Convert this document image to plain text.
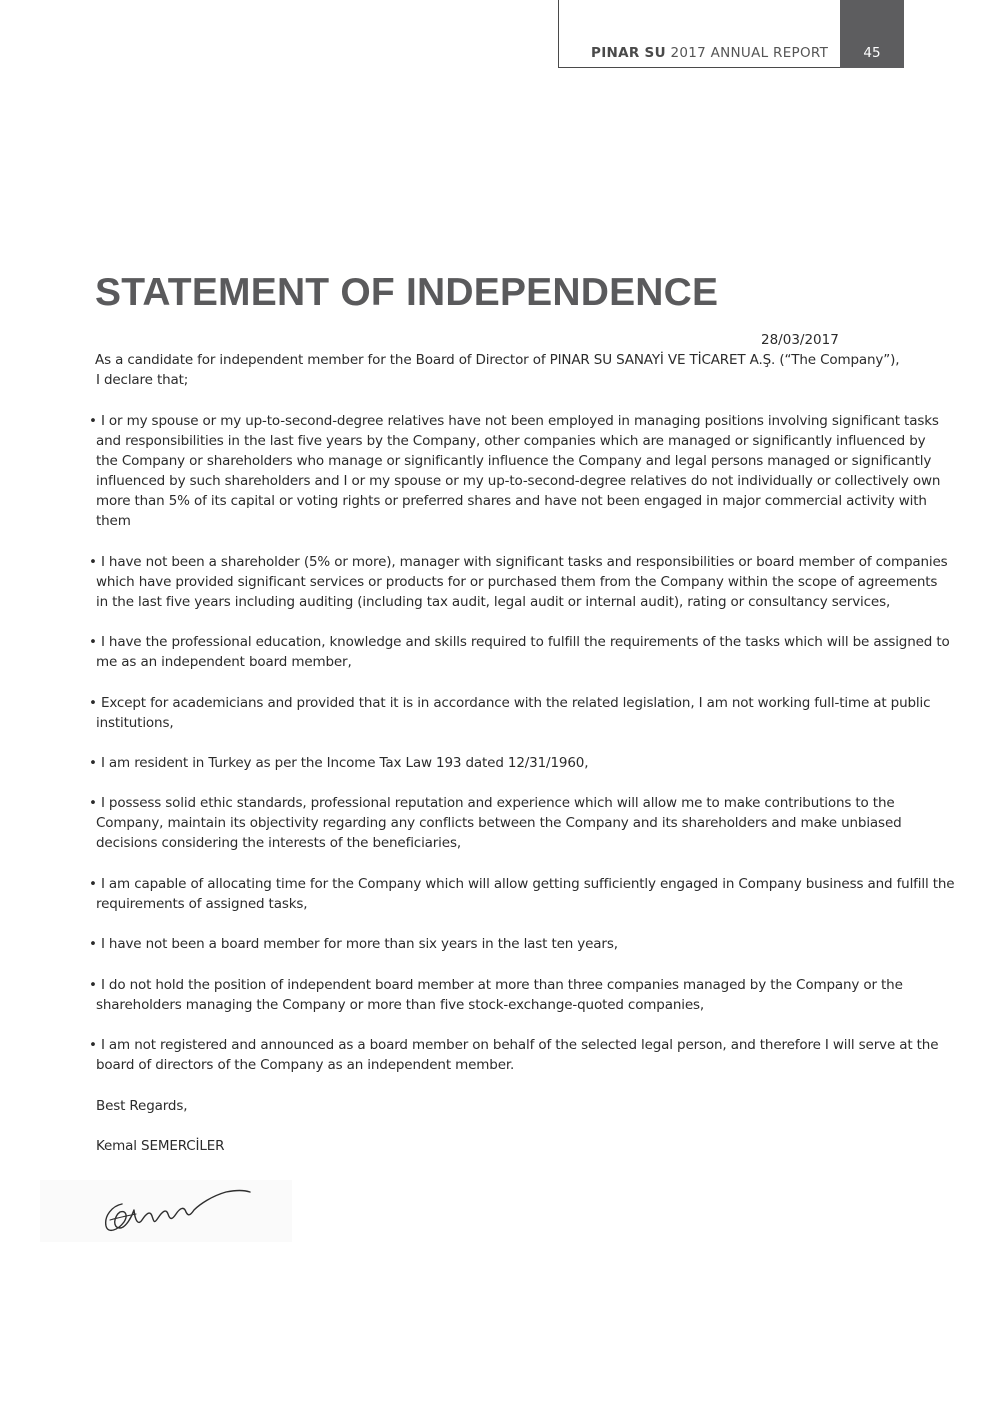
PINAR SU 2017 ANNUAL REPORT	45
STATEMENT OF INDEPENDENCE
28/03/2017
As a candidate for independent member for the Board of Director of PINAR SU SANAYİ VE TİCARET A.Ş. (“The Company”),
I declare that;
• I or my spouse or my up-to-second-degree relatives have not been employed in managing positions involving significant tasks
and responsibilities in the last five years by the Company, other companies which are managed or significantly influenced by
the Company or shareholders who manage or significantly influence the Company and legal persons managed or significantly
influenced by such shareholders and I or my spouse or my up-to-second-degree relatives do not individually or collectively own
more than 5% of its capital or voting rights or preferred shares and have not been engaged in major commercial activity with
them
• I have not been a shareholder (5% or more), manager with significant tasks and responsibilities or board member of companies
which have provided significant services or products for or purchased them from the Company within the scope of agreements
in the last five years including auditing (including tax audit, legal audit or internal audit), rating or consultancy services,
• I have the professional education, knowledge and skills required to fulfill the requirements of the tasks which will be assigned to
me as an independent board member,
• Except for academicians and provided that it is in accordance with the related legislation, I am not working full-time at public
institutions,
• I am resident in Turkey as per the Income Tax Law 193 dated 12/31/1960,
• I possess solid ethic standards, professional reputation and experience which will allow me to make contributions to the
Company, maintain its objectivity regarding any conflicts between the Company and its shareholders and make unbiased
decisions considering the interests of the beneficiaries,
• I am capable of allocating time for the Company which will allow getting sufficiently engaged in Company business and fulfill the
requirements of assigned tasks,
• I have not been a board member for more than six years in the last ten years,
• I do not hold the position of independent board member at more than three companies managed by the Company or the
shareholders managing the Company or more than five stock-exchange-quoted companies,
• I am not registered and announced as a board member on behalf of the selected legal person, and therefore I will serve at the
board of directors of the Company as an independent member.
Best Regards,
Kemal SEMERCİLER
